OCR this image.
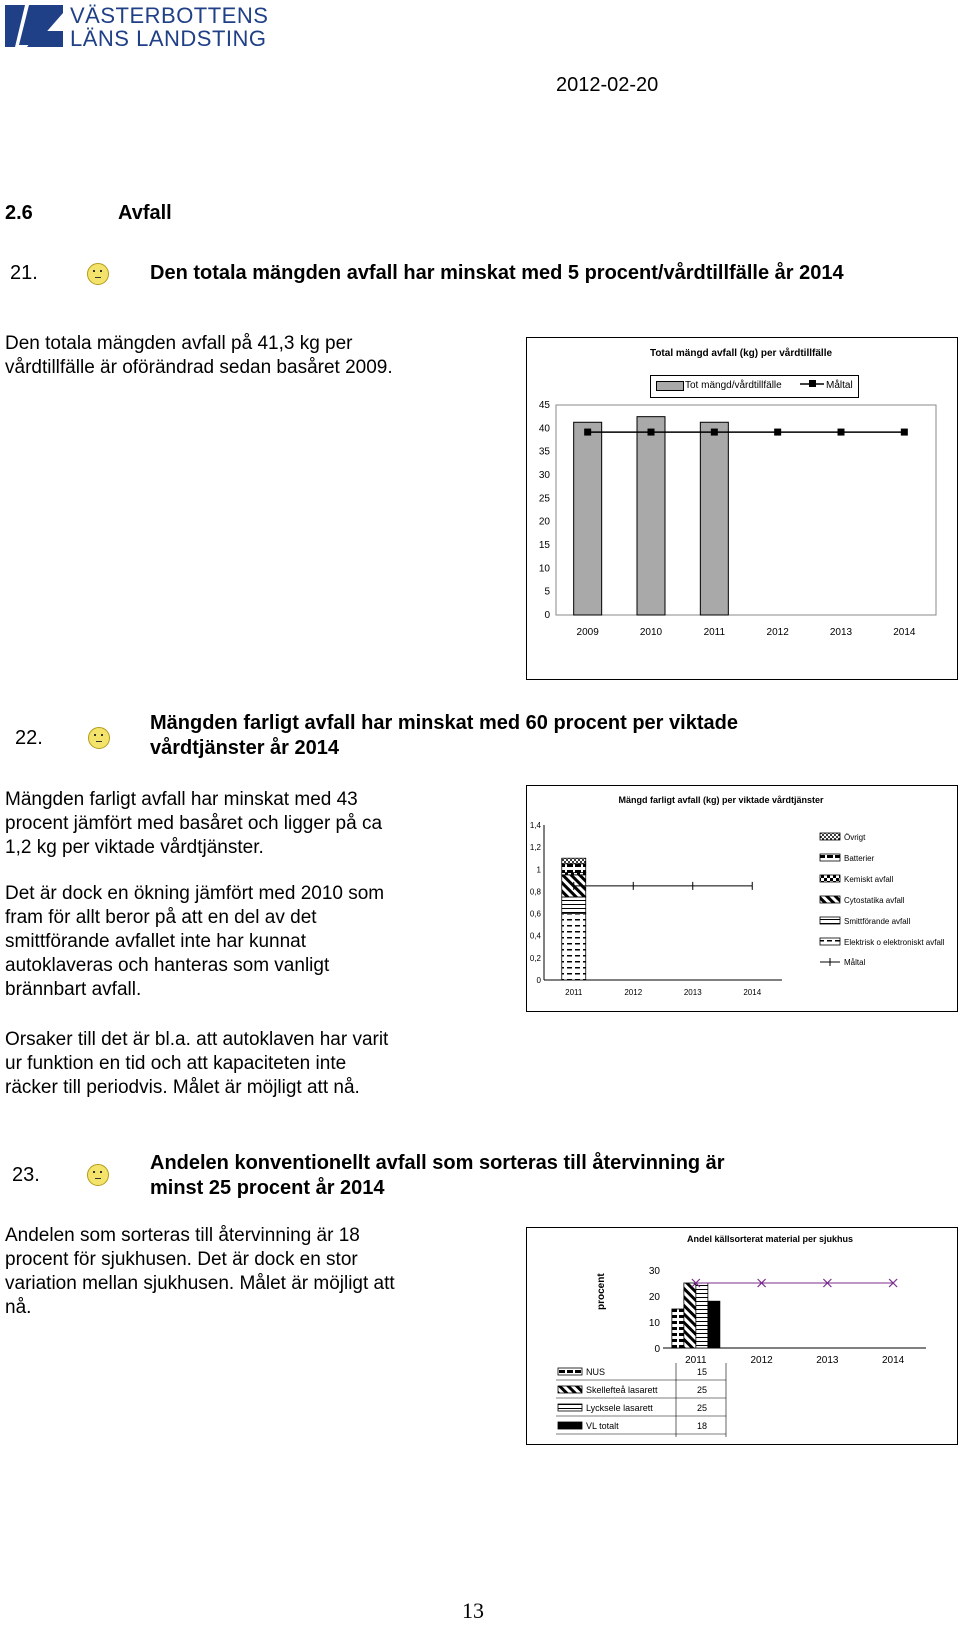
VÄSTERBOTTENS
LÄNS LANDSTING
2012-02-20
2.6	Avfall
21.	Den totala mängden avfall har minskat med 5 procent/vårdtillfälle år 2014
Den totala mängden avfall på 41,3 kg per
vårdtillfälle är oförändrad sedan basåret 2009.
Total mängd avfall (kg) per vårdtillfälle
Tot mängd/vårdtillfälle	Måltal
45
40
35
30
25
20
15
10
5
0
2009	2010	2011	2012	2013	2014
22.
Mängden farligt avfall har minskat med 60 procent per viktade
vårdtjänster år 2014
Mängden farligt avfall har minskat med 43
procent jämfört med basåret och ligger på ca
1,2 kg per viktade vårdtjänster.
Det är dock en ökning jämfört med 2010 som
fram för allt beror på att en del av det
smittförande avfallet inte har kunnat
autoklaveras och hanteras som vanligt
brännbart avfall.
Orsaker till det är bl.a. att autoklaven har varit
ur funktion en tid och att kapaciteten inte
räcker till periodvis. Målet är möjligt att nå.
Mängd farligt avfall (kg) per viktade vårdtjänster
1,4
1,2
1
0,8
0,6
0,4
0,2
0
2011	2012	2013	2014
Övrigt
Batterier
Kemiskt avfall
Cytostatika avfall
Smittförande avfall
Elektrisk o elektroniskt avfall
Måltal
23.
Andelen konventionellt avfall som sorteras till återvinning är
minst 25 procent år 2014
Andelen som sorteras till återvinning är 18
procent för sjukhusen. Det är dock en stor
variation mellan sjukhusen. Målet är möjligt att
nå.
Andel källsorterat material per sjukhus
procent
30
20
10
0
2011	2012	2013	2014
NUS	15
Skellefteå lasarett	25
Lycksele lasarett	25
VL totalt	18
13
